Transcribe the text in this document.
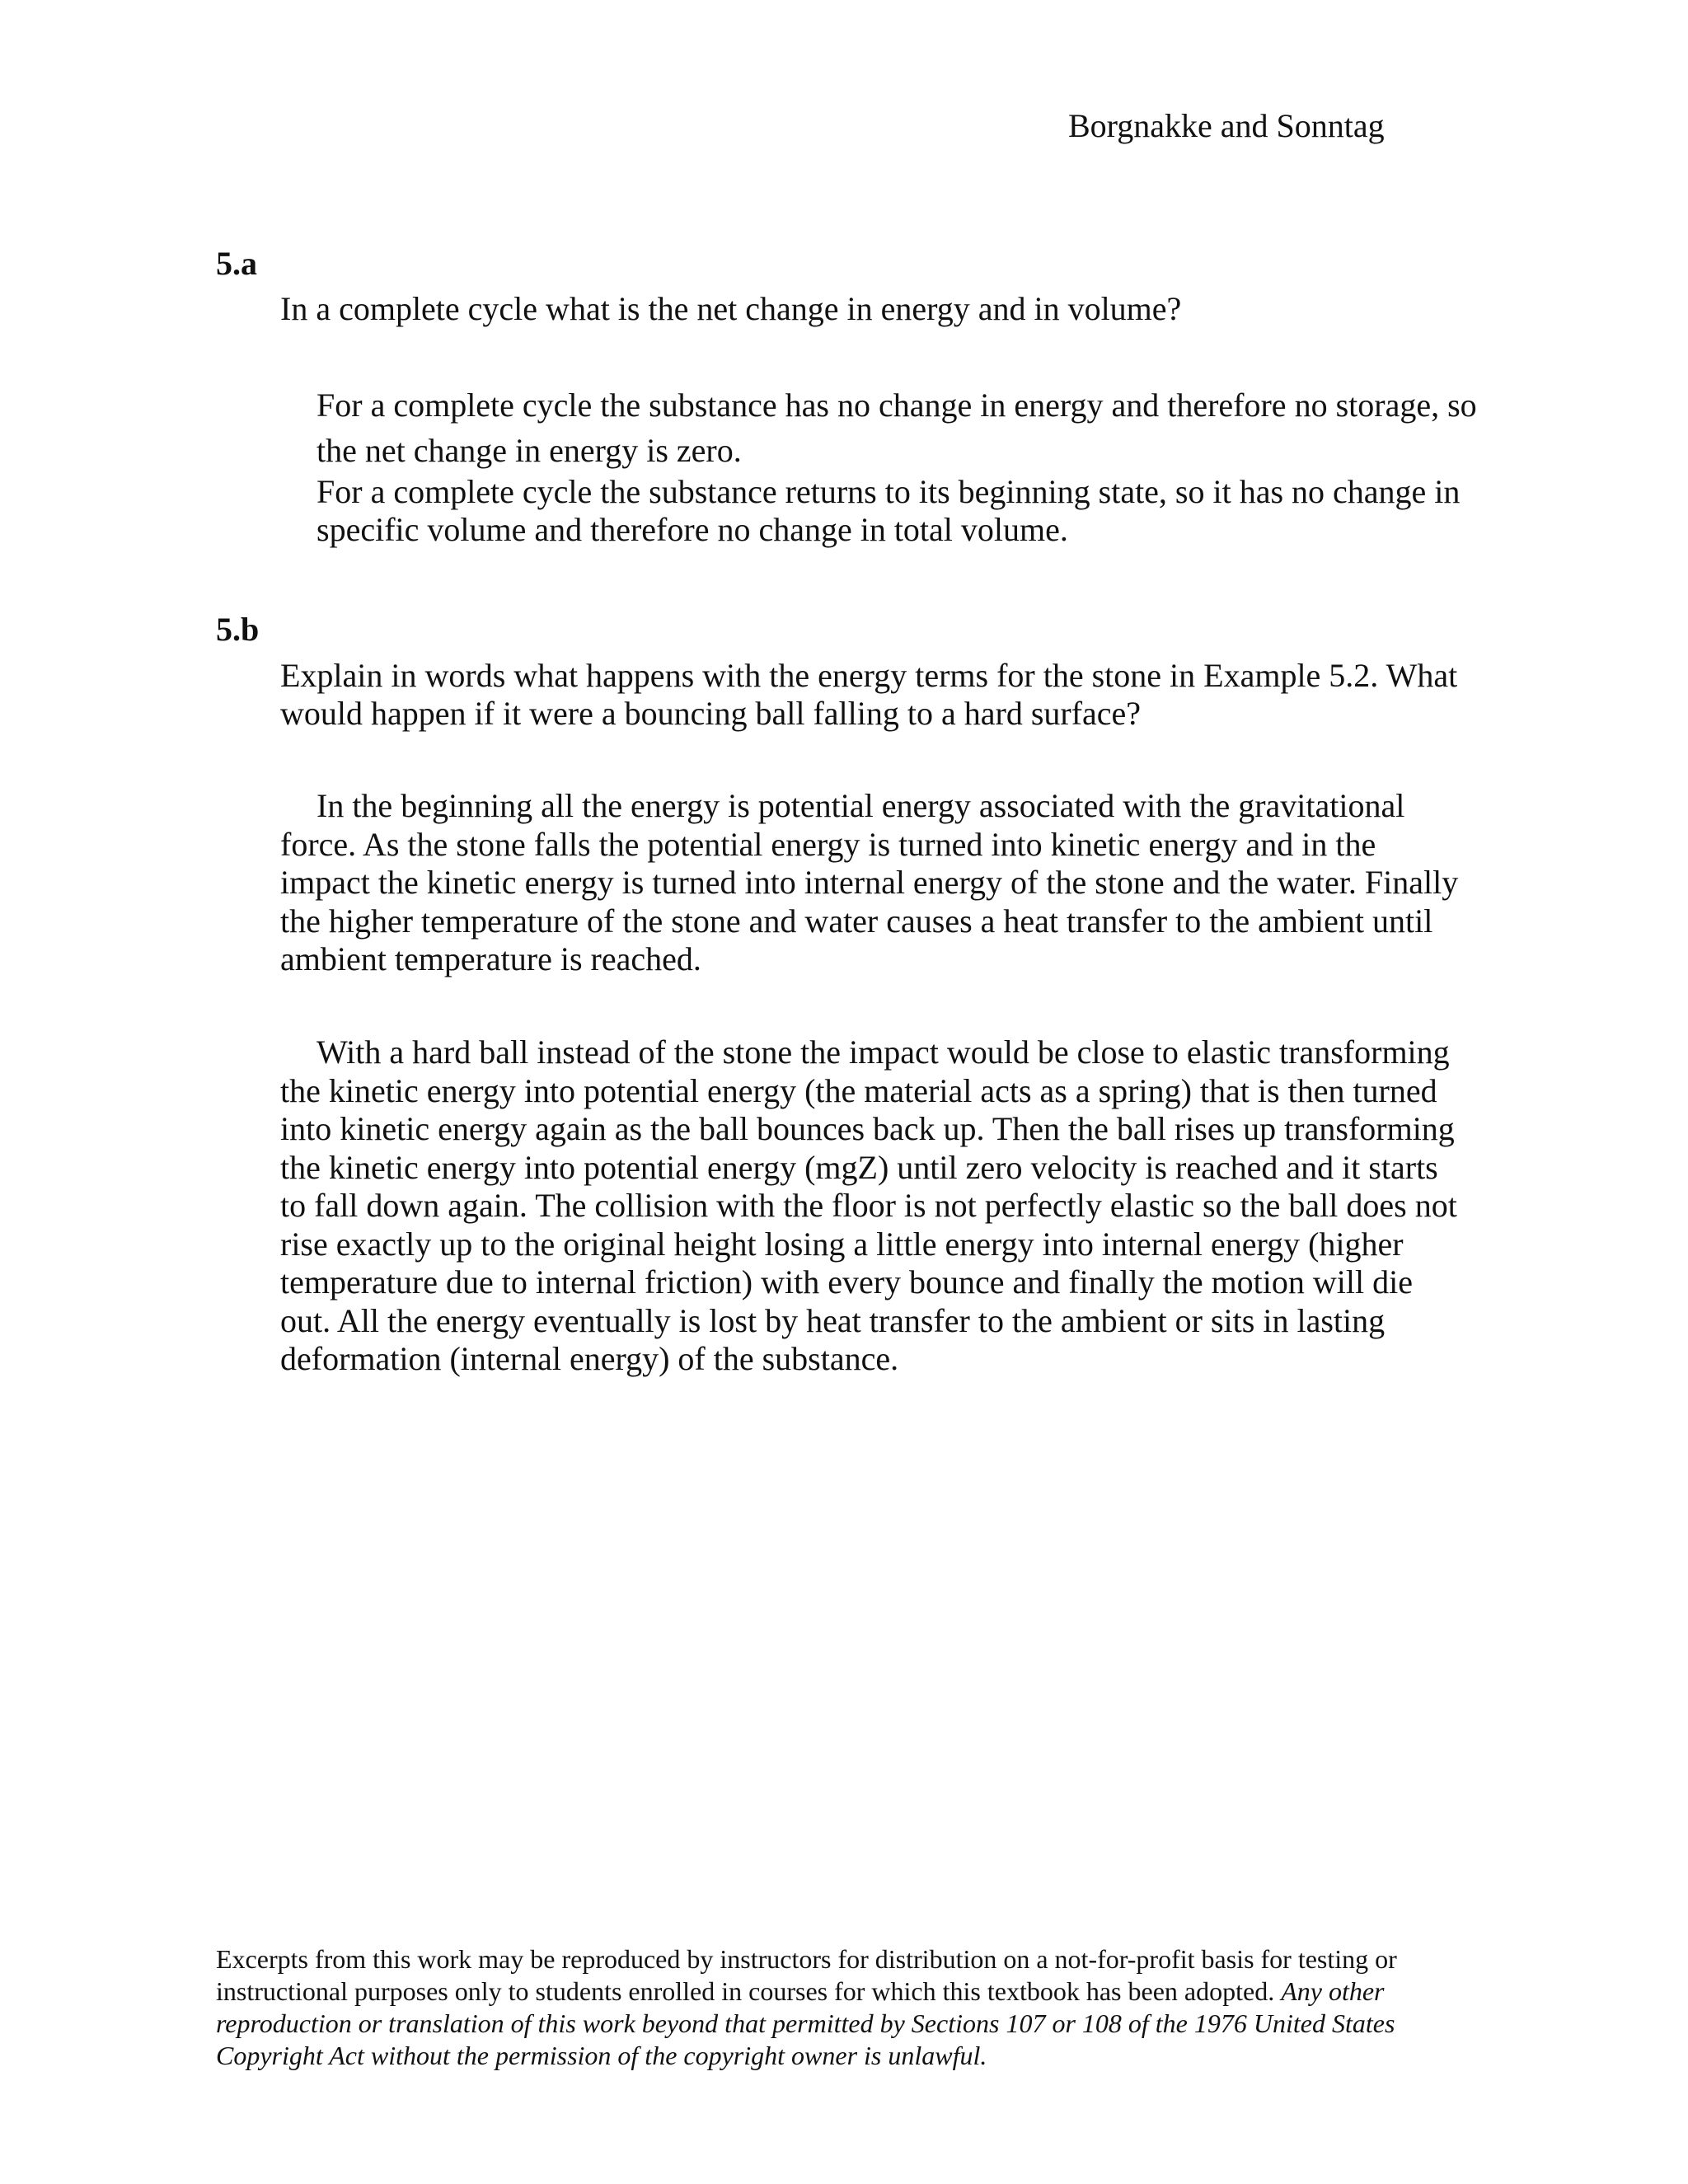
Borgnakke and Sonntag
5.a

In a complete cycle what is the net change in energy and in volume?

For a complete cycle the substance has no change in energy and therefore no storage, so the net change in energy is zero.

For a complete cycle the substance returns to its beginning state, so it has no change in specific volume and therefore no change in total volume.

5.b

Explain in words what happens with the energy terms for the stone in Example 5.2. What would happen if it were a bouncing ball falling to a hard surface?

In the beginning all the energy is potential energy associated with the gravitational force. As the stone falls the potential energy is turned into kinetic energy and in the impact the kinetic energy is turned into internal energy of the stone and the water. Finally the higher temperature of the stone and water causes a heat transfer to the ambient until ambient temperature is reached.

With a hard ball instead of the stone the impact would be close to elastic transforming the kinetic energy into potential energy (the material acts as a spring) that is then turned into kinetic energy again as the ball bounces back up. Then the ball rises up transforming the kinetic energy into potential energy (mgZ) until zero velocity is reached and it starts to fall down again. The collision with the floor is not perfectly elastic so the ball does not rise exactly up to the original height losing a little energy into internal energy (higher temperature due to internal friction) with every bounce and finally the motion will die out. All the energy eventually is lost by heat transfer to the ambient or sits in lasting deformation (internal energy) of the substance.

Excerpts from this work may be reproduced by instructors for distribution on a not-for-profit basis for testing or instructional purposes only to students enrolled in courses for which this textbook has been adopted. Any other reproduction or translation of this work beyond that permitted by Sections 107 or 108 of the 1976 United States Copyright Act without the permission of the copyright owner is unlawful.
